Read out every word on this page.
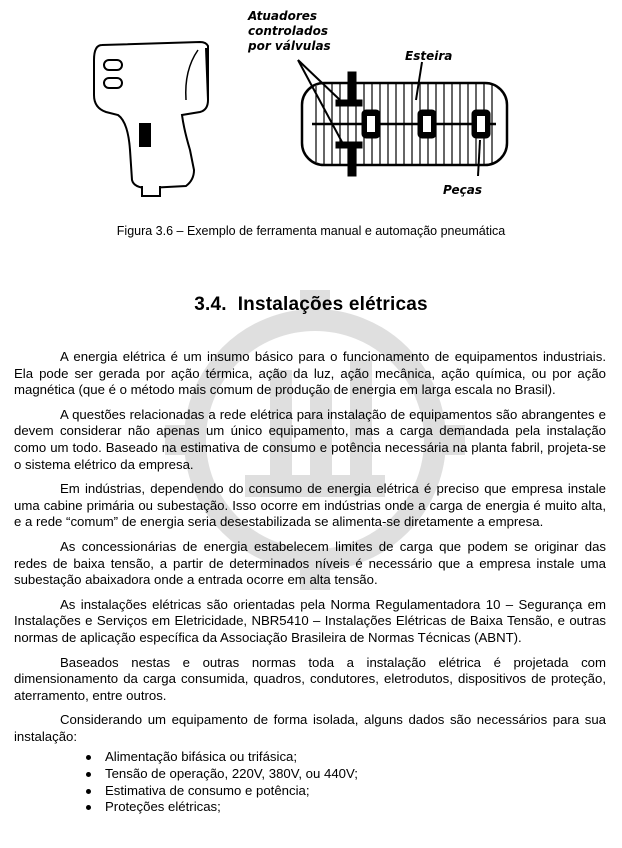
Atuadores controlados por válvulas
Esteira
Peças
Figura 3.6 – Exemplo de ferramenta manual e automação pneumática
3.4. Instalações elétricas

A energia elétrica é um insumo básico para o funcionamento de equipamentos industriais. Ela pode ser gerada por ação térmica, ação da luz, ação mecânica, ação química, ou por ação magnética (que é o método mais comum de produção de energia em larga escala no Brasil).

A questões relacionadas a rede elétrica para instalação de equipamentos são abrangentes e devem considerar não apenas um único equipamento, mas a carga demandada pela instalação como um todo. Baseado na estimativa de consumo e potência necessária na planta fabril, projeta-se o sistema elétrico da empresa.

Em indústrias, dependendo do consumo de energia elétrica é preciso que empresa instale uma cabine primária ou subestação. Isso ocorre em indústrias onde a carga de energia é muito alta, e a rede “comum” de energia seria desestabilizada se alimenta-se diretamente a empresa.

As concessionárias de energia estabelecem limites de carga que podem se originar das redes de baixa tensão, a partir de determinados níveis é necessário que a empresa instale uma subestação abaixadora onde a entrada ocorre em alta tensão.

As instalações elétricas são orientadas pela Norma Regulamentadora 10 – Segurança em Instalações e Serviços em Eletricidade, NBR5410 – Instalações Elétricas de Baixa Tensão, e outras normas de aplicação específica da Associação Brasileira de Normas Técnicas (ABNT).

Baseados nestas e outras normas toda a instalação elétrica é projetada com dimensionamento da carga consumida, quadros, condutores, eletrodutos, dispositivos de proteção, aterramento, entre outros.

Considerando um equipamento de forma isolada, alguns dados são necessários para sua instalação:

Alimentação bifásica ou trifásica;
Tensão de operação, 220V, 380V, ou 440V;
Estimativa de consumo e potência;
Proteções elétricas;
